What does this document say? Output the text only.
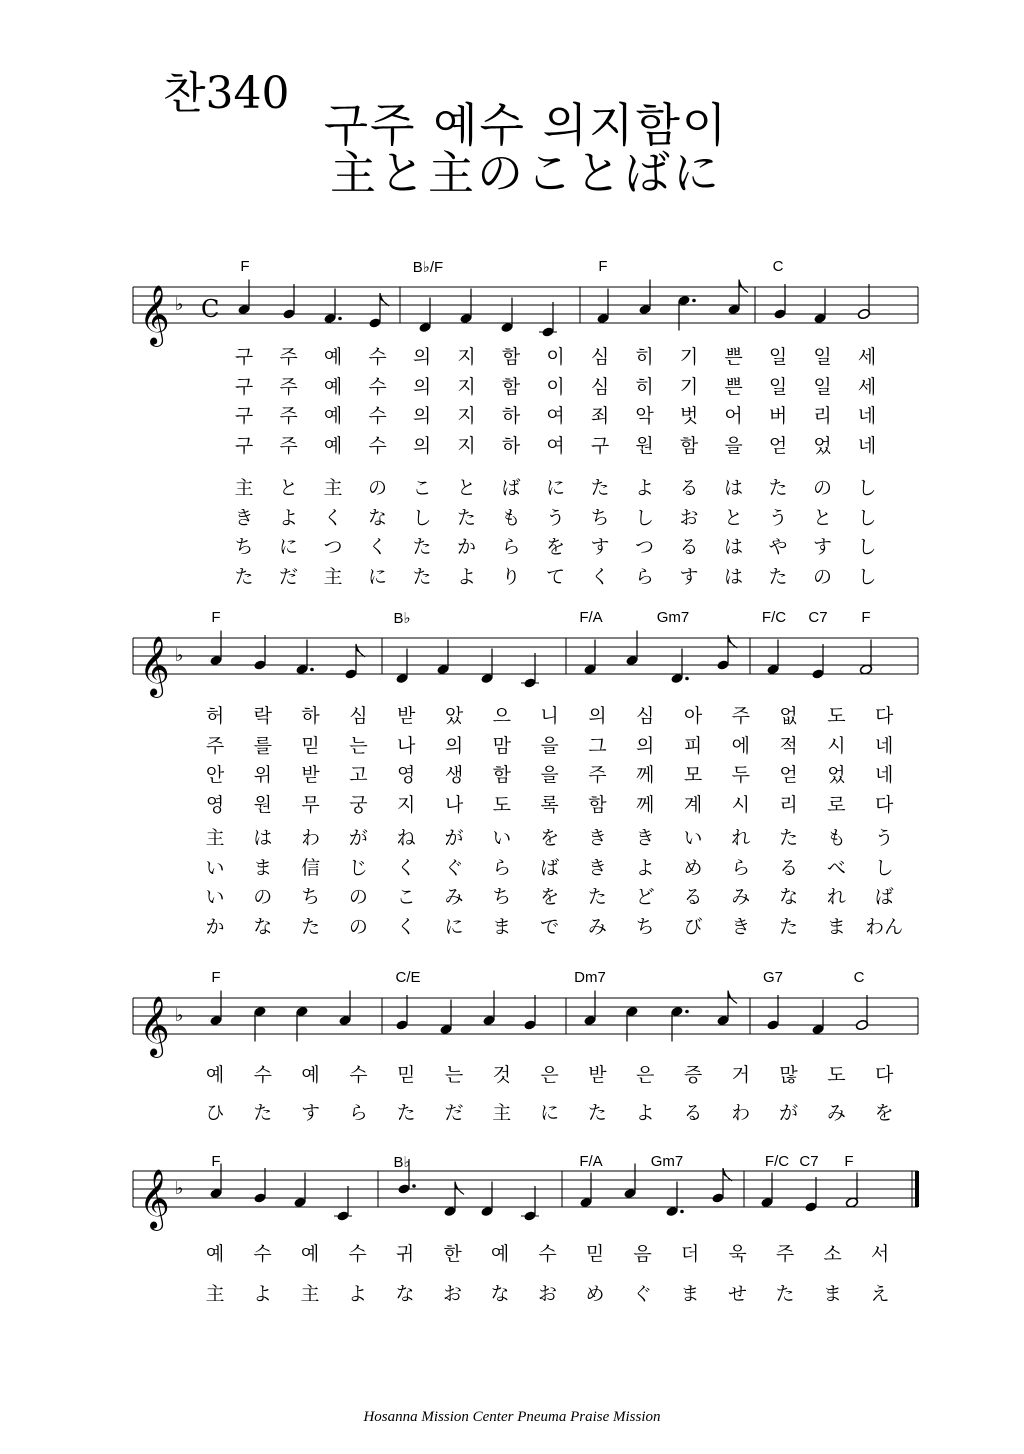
찬340
구주 예수 의지함이
主と主のことばに
F	B♭/F	F	C
𝄞 ♭ C
구 주 예 수 의 지 함 이 심 히 기 쁜 일 일 세
구 주 예 수 의 지 함 이 심 히 기 쁜 일 일 세
구 주 예 수 의 지 하 여 죄 악 벗 어 버 리 네
구 주 예 수 의 지 하 여 구 원 함 을 얻 었 네
主 と 主 の こ と ば に た よ る は た の し
き よ く な し た も う ち し お と う と し
ち に つ く た か ら を す つ る は や す し
た だ 主 に た よ り て く ら す は た の し
F	B♭	F/A	Gm7	F/C C7 F
𝄞 ♭
허 락 하 심 받 았 으 니 의 심 아 주 없 도 다
주 를 믿 는 나 의 맘 을 그 의 피 에 적 시 네
안 위 받 고 영 생 함 을 주 께 모 두 얻 었 네
영 원 무 궁 지 나 도 록 함 께 계 시 리 로 다
主 は わ が ね が い を き き い れ た も う
い ま 信 じ く ぐ ら ば き よ め ら る べ し
い の ち の こ み ち を た ど る み な れ ば
か な た の く に ま で み ち び き た ま わん
F	C/E	Dm7	G7	C
𝄞 ♭
예 수 예 수 믿 는 것 은 받 은 증 거 많 도 다
ひ た す ら た だ 主 に た よ る わ が み を
F	B♭	F/A	Gm7	F/C C7 F
𝄞 ♭
예 수 예 수 귀 한 예 수 믿 음 더 욱 주 소 서
主 よ 主 よ な お な お め ぐ ま せ た ま え
Hosanna Mission Center Pneuma Praise Mission
